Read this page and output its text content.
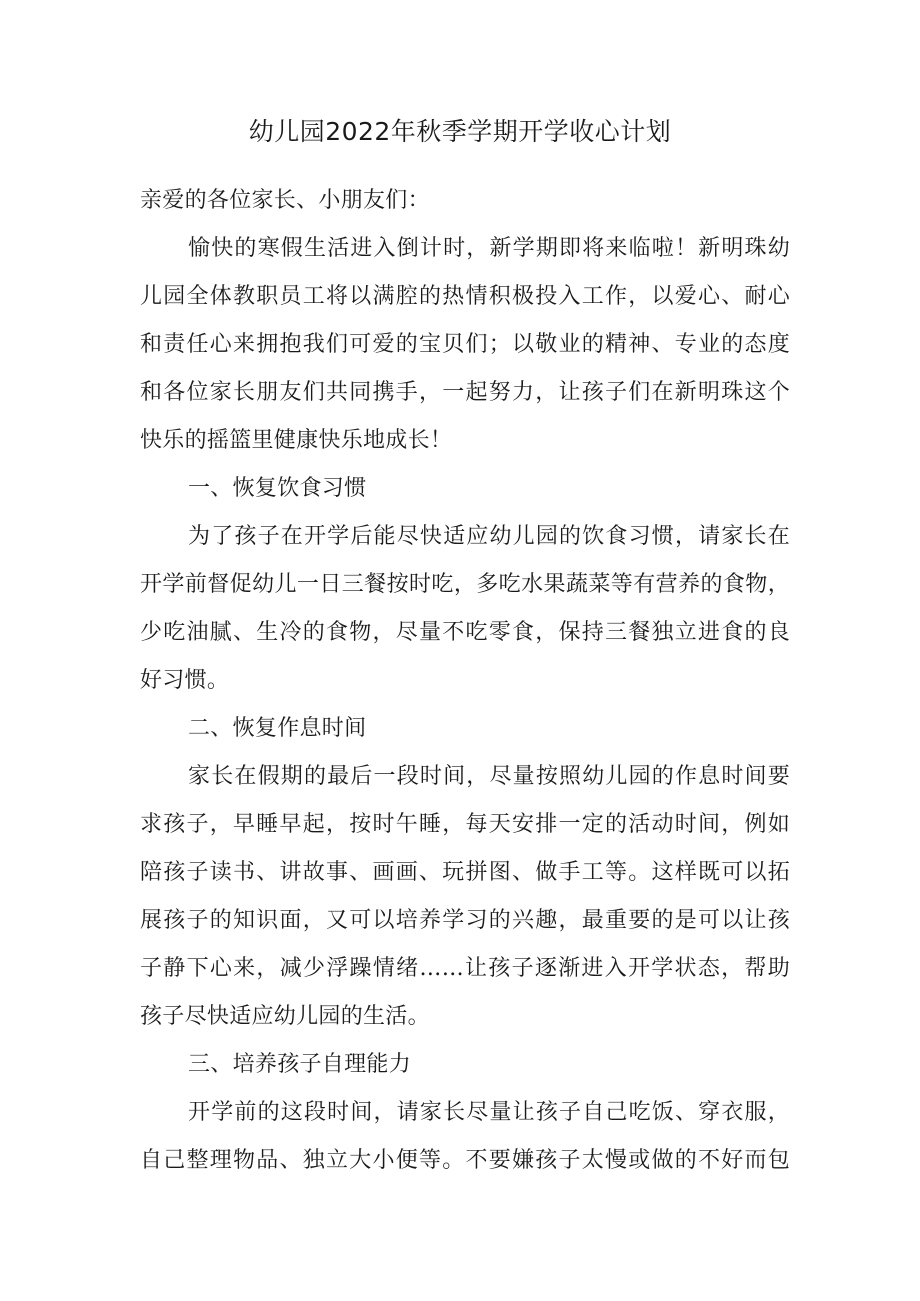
幼儿园2022年秋季学期开学收心计划
亲爱的各位家长、小朋友们：
愉快的寒假生活进入倒计时，新学期即将来临啦！新明珠幼
儿园全体教职员工将以满腔的热情积极投入工作，以爱心、耐心
和责任心来拥抱我们可爱的宝贝们；以敬业的精神、专业的态度
和各位家长朋友们共同携手，一起努力，让孩子们在新明珠这个
快乐的摇篮里健康快乐地成长！
一、恢复饮食习惯
为了孩子在开学后能尽快适应幼儿园的饮食习惯，请家长在
开学前督促幼儿一日三餐按时吃，多吃水果蔬菜等有营养的食物，
少吃油腻、生冷的食物，尽量不吃零食，保持三餐独立进食的良
好习惯。
二、恢复作息时间
家长在假期的最后一段时间，尽量按照幼儿园的作息时间要
求孩子，早睡早起，按时午睡，每天安排一定的活动时间，例如
陪孩子读书、讲故事、画画、玩拼图、做手工等。这样既可以拓
展孩子的知识面，又可以培养学习的兴趣，最重要的是可以让孩
子静下心来，减少浮躁情绪……让孩子逐渐进入开学状态，帮助
孩子尽快适应幼儿园的生活。
三、培养孩子自理能力
开学前的这段时间，请家长尽量让孩子自己吃饭、穿衣服，
自己整理物品、独立大小便等。不要嫌孩子太慢或做的不好而包
